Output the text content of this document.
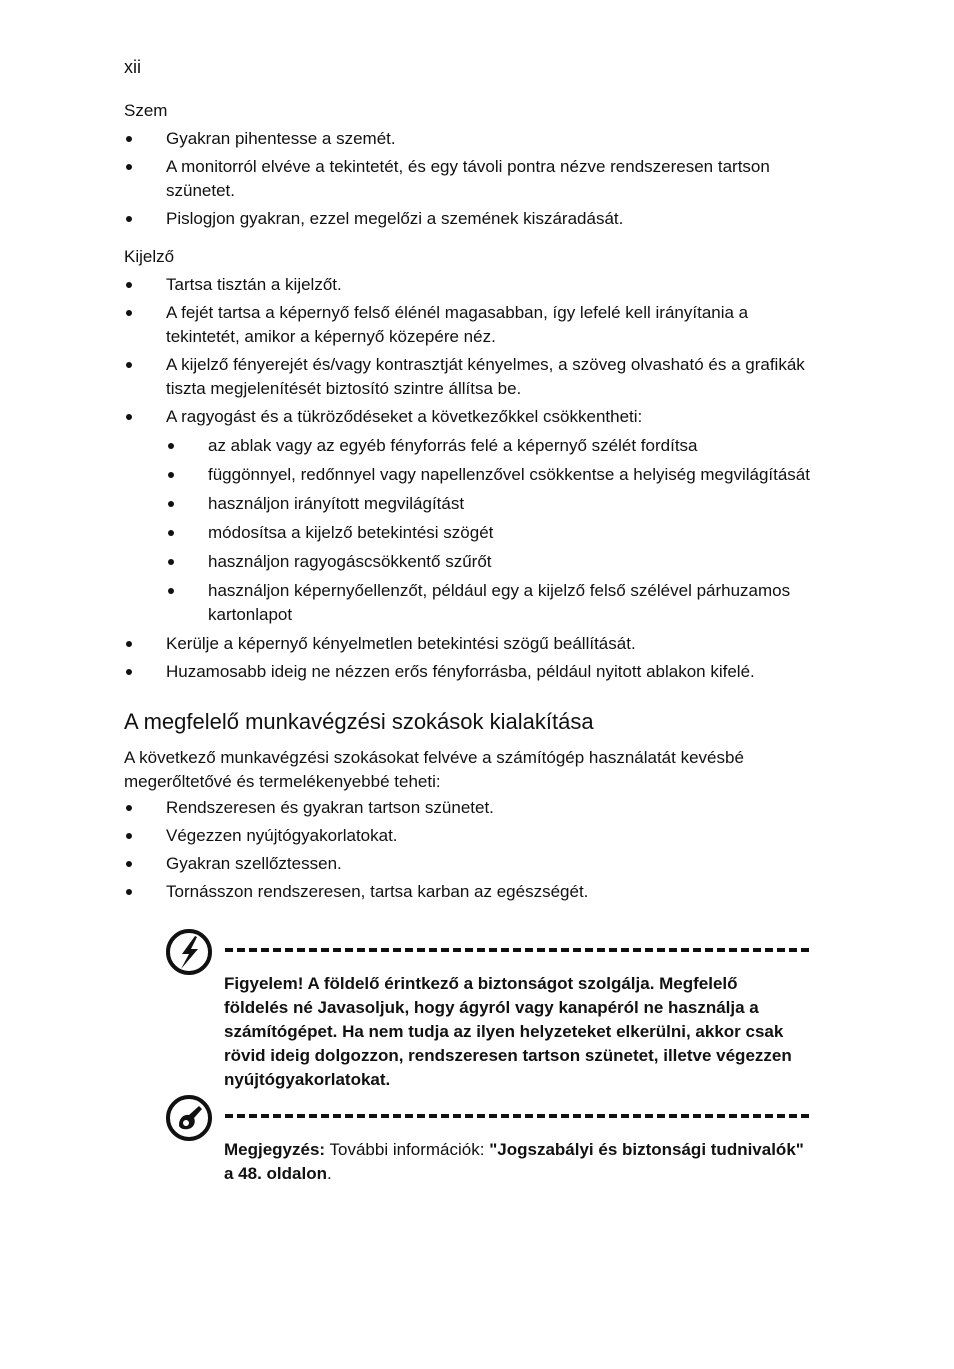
xii
Szem
Gyakran pihentesse a szemét.
A monitorról elvéve a tekintetét, és egy távoli pontra nézve rendszeresen tartson szünetet.
Pislogjon gyakran, ezzel megelőzi a szemének kiszáradását.
Kijelző
Tartsa tisztán a kijelzőt.
A fejét tartsa a képernyő felső élénél magasabban, így lefelé kell irányítania a tekintetét, amikor a képernyő közepére néz.
A kijelző fényerejét és/vagy kontrasztját kényelmes, a szöveg olvasható és a grafikák tiszta megjelenítését biztosító szintre állítsa be.
A ragyogást és a tükröződéseket a következőkkel csökkentheti:
az ablak vagy az egyéb fényforrás felé a képernyő szélét fordítsa
függönnyel, redőnnyel vagy napellenzővel csökkentse a helyiség megvilágítását
használjon irányított megvilágítást
módosítsa a kijelző betekintési szögét
használjon ragyogáscsökkentő szűrőt
használjon képernyőellenzőt, például egy a kijelző felső szélével párhuzamos kartonlapot
Kerülje a képernyő kényelmetlen betekintési szögű beállítását.
Huzamosabb ideig ne nézzen erős fényforrásba, például nyitott ablakon kifelé.
A megfelelő munkavégzési szokások kialakítása
A következő munkavégzési szokásokat felvéve a számítógép használatát kevésbé megerőltetővé és termelékenyebbé teheti:
Rendszeresen és gyakran tartson szünetet.
Végezzen nyújtógyakorlatokat.
Gyakran szellőztessen.
Tornásszon rendszeresen, tartsa karban az egészségét.
Figyelem! A földelő érintkező a biztonságot szolgálja. Megfelelő földelés né Javasoljuk, hogy ágyról vagy kanapéról ne használja a számítógépet. Ha nem tudja az ilyen helyzeteket elkerülni, akkor csak rövid ideig dolgozzon, rendszeresen tartson szünetet, illetve végezzen nyújtógyakorlatokat.
Megjegyzés: További információk: "Jogszabályi és biztonsági tudnivalók" a 48. oldalon.
